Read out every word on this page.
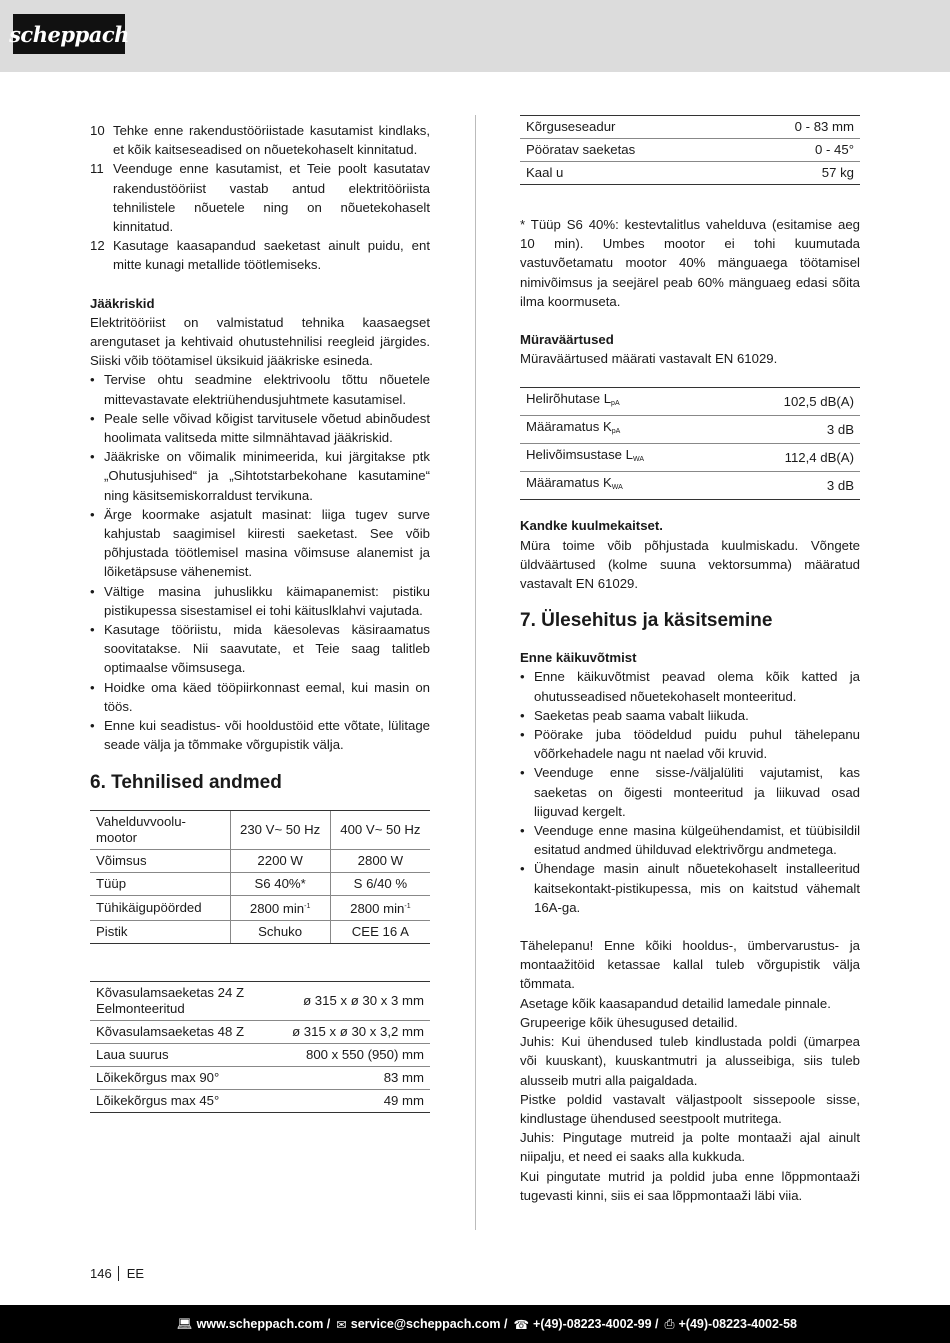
scheppach
10 Tehke enne rakendustööriistade kasutamist kindlaks, et kõik kaitseseadised on nõuetekohaselt kinnitatud.
11 Veenduge enne kasutamist, et Teie poolt kasutatav rakendustööriist vastab antud elektritööriista tehnilistele nõuetele ning on nõuetekohaselt kinnitatud.
12 Kasutage kaasapandud saeketast ainult puidu, ent mitte kunagi metallide töötlemiseks.
Jääkriskid
Elektritööriist on valmistatud tehnika kaasaegset arengutaset ja kehtivaid ohutustehnilisi reegleid järgides. Siiski võib töötamisel üksikuid jääkriske esineda.
• Tervise ohtu seadmine elektrivoolu tõttu nõuetele mittevastavate elektriühendusjuhtmete kasutamisel.
• Peale selle võivad kõigist tarvitusele võetud abinõudest hoolimata valitseda mitte silmnähtavad jääkriskid.
• Jääkriske on võimalik minimeerida, kui järgitakse ptk „Ohutusjuhised“ ja „Sihtotstarbekohane kasutamine“ ning käsitsemiskorraldust tervikuna.
• Ärge koormake asjatult masinat: liiga tugev surve kahjustab saagimisel kiiresti saeketast. See võib põhjustada töötlemisel masina võimsuse alanemist ja lõiketäpsuse vähenemist.
• Vältige masina juhuslikku käimapanemist: pistiku pistikupessa sisestamisel ei tohi käituslklahvi vajutada.
• Kasutage tööriistu, mida käesolevas käsiraamatus soovitatakse. Nii saavutate, et Teie saag talitleb optimaalse võimsusega.
• Hoidke oma käed tööpiirkonnast eemal, kui masin on töös.
• Enne kui seadistus- või hooldustöid ette võtate, lülitage seade välja ja tõmmake võrgupistik välja.
6. Tehnilised andmed
Vahelduvvoolu-mootor	230 V~ 50 Hz	400 V~ 50 Hz
Võimsus	2200 W	2800 W
Tüüp	S6 40%*	S 6/40 %
Tühikäigupöörded	2800 $\min^{-1}$	2800 $\min^{-1}$
Pistik	Schuko	CEE 16 A
Kõvasulamsaeketas 24 Z Eelmonteeritud	ø 315 x ø 30 x 3 mm
Kõvasulamsaeketas 48 Z	ø 315 x ø 30 x 3,2 mm
Laua suurus	800 x 550 (950) mm
Lõikekõrgus max 90°	83 mm
Lõikekõrgus max 45°	49 mm
Kõrguseseadur	0 - 83 mm
Pööratav saeketas	0 - 45°
Kaal u	57 kg
* Tüüp S6 40%: kestevtalitlus vahelduva (esitamise aeg 10 min). Umbes mootor ei tohi kuumutada vastuvõetamatu mootor 40% mänguaega töötamisel nimivõimsus ja seejärel peab 60% mänguaeg edasi sõita ilma koormuseta.
Müraväärtused
Müraväärtused määrati vastavalt EN 61029.
Helirõhutase $L_{pA}$	102,5 dB(A)
Määramatus $K_{pA}$	3 dB
Helivõimsustase $L_{WA}$	112,4 dB(A)
Määramatus $K_{WA}$	3 dB
Kandke kuulmekaitset.
Müra toime võib põhjustada kuulmiskadu. Võngete üldväärtused (kolme suuna vektorsumma) määratud vastavalt EN 61029.
7. Ülesehitus ja käsitsemine
Enne käikuvõtmist
• Enne käikuvõtmist peavad olema kõik katted ja ohutusseadised nõuetekohaselt monteeritud.
• Saeketas peab saama vabalt liikuda.
• Pöörake juba töödeldud puidu puhul tähelepanu võõrkehadele nagu nt naelad või kruvid.
• Veenduge enne sisse-/väljalüliti vajutamist, kas saeketas on õigesti monteeritud ja liikuvad osad liiguvad kergelt.
• Veenduge enne masina külgeühendamist, et tüübisildil esitatud andmed ühilduvad elektrivõrgu andmetega.
• Ühendage masin ainult nõuetekohaselt installeeritud kaitsekontakt-pistikupessa, mis on kaitstud vähemalt 16A-ga.
Tähelepanu! Enne kõiki hooldus-, ümbervarustus- ja montaažitöid ketassae kallal tuleb võrgupistik välja tõmmata.
Asetage kõik kaasapandud detailid lamedale pinnale.
Grupeerige kõik ühesugused detailid.
Juhis: Kui ühendused tuleb kindlustada poldi (ümarpea või kuuskant), kuuskantmutri ja alusseibiga, siis tuleb alusseib mutri alla paigaldada.
Pistke poldid vastavalt väljastpoolt sissepoole sisse, kindlustage ühendused seestpoolt mutritega.
Juhis: Pingutage mutreid ja polte montaaži ajal ainult niipalju, et need ei saaks alla kukkuda.
Kui pingutate mutrid ja poldid juba enne lõppmontaaži tugevasti kinni, siis ei saa lõppmontaaži läbi viia.
146 EE
💻︎ www.scheppach.com / ✉︎ service@scheppach.com / ☎︎ +(49)-08223-4002-99 / ⎙ +(49)-08223-4002-58
